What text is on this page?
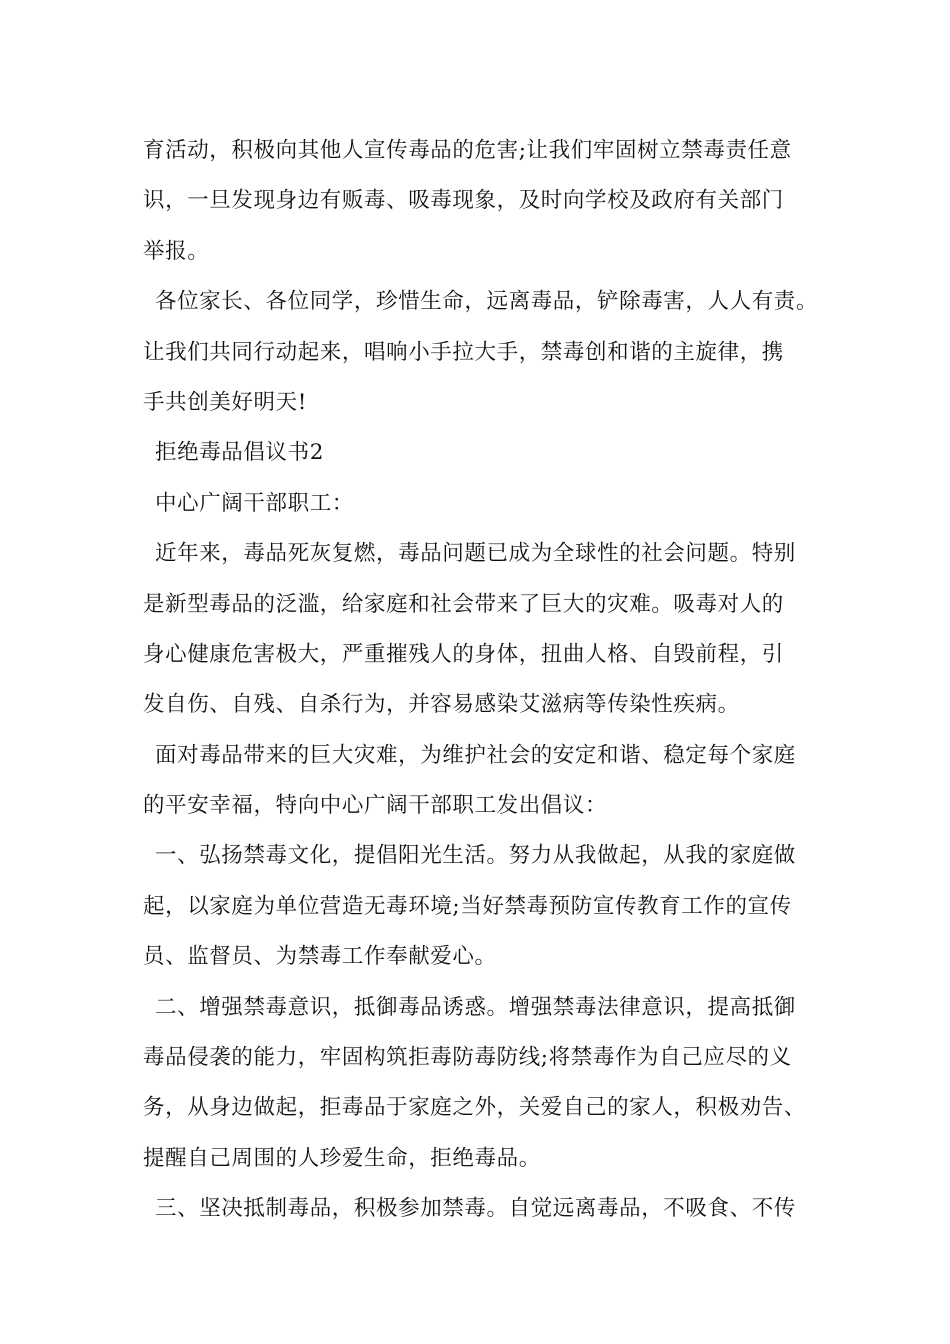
育活动，积极向其他人宣传毒品的危害;让我们牢固树立禁毒责任意
识，一旦发现身边有贩毒、吸毒现象，及时向学校及政府有关部门
举报。
各位家长、各位同学，珍惜生命，远离毒品，铲除毒害，人人有责。
让我们共同行动起来，唱响小手拉大手，禁毒创和谐的主旋律，携
手共创美好明天!
拒绝毒品倡议书2
中心广阔干部职工：
近年来，毒品死灰复燃，毒品问题已成为全球性的社会问题。特别
是新型毒品的泛滥，给家庭和社会带来了巨大的灾难。吸毒对人的
身心健康危害极大，严重摧残人的身体，扭曲人格、自毁前程，引
发自伤、自残、自杀行为，并容易感染艾滋病等传染性疾病。
面对毒品带来的巨大灾难，为维护社会的安定和谐、稳定每个家庭
的平安幸福，特向中心广阔干部职工发出倡议：
一、弘扬禁毒文化，提倡阳光生活。努力从我做起，从我的家庭做
起，以家庭为单位营造无毒环境;当好禁毒预防宣传教育工作的宣传
员、监督员、为禁毒工作奉献爱心。
二、增强禁毒意识，抵御毒品诱惑。增强禁毒法律意识，提高抵御
毒品侵袭的能力，牢固构筑拒毒防毒防线;将禁毒作为自己应尽的义
务，从身边做起，拒毒品于家庭之外，关爱自己的家人，积极劝告、
提醒自己周围的人珍爱生命，拒绝毒品。
三、坚决抵制毒品，积极参加禁毒。自觉远离毒品，不吸食、不传
